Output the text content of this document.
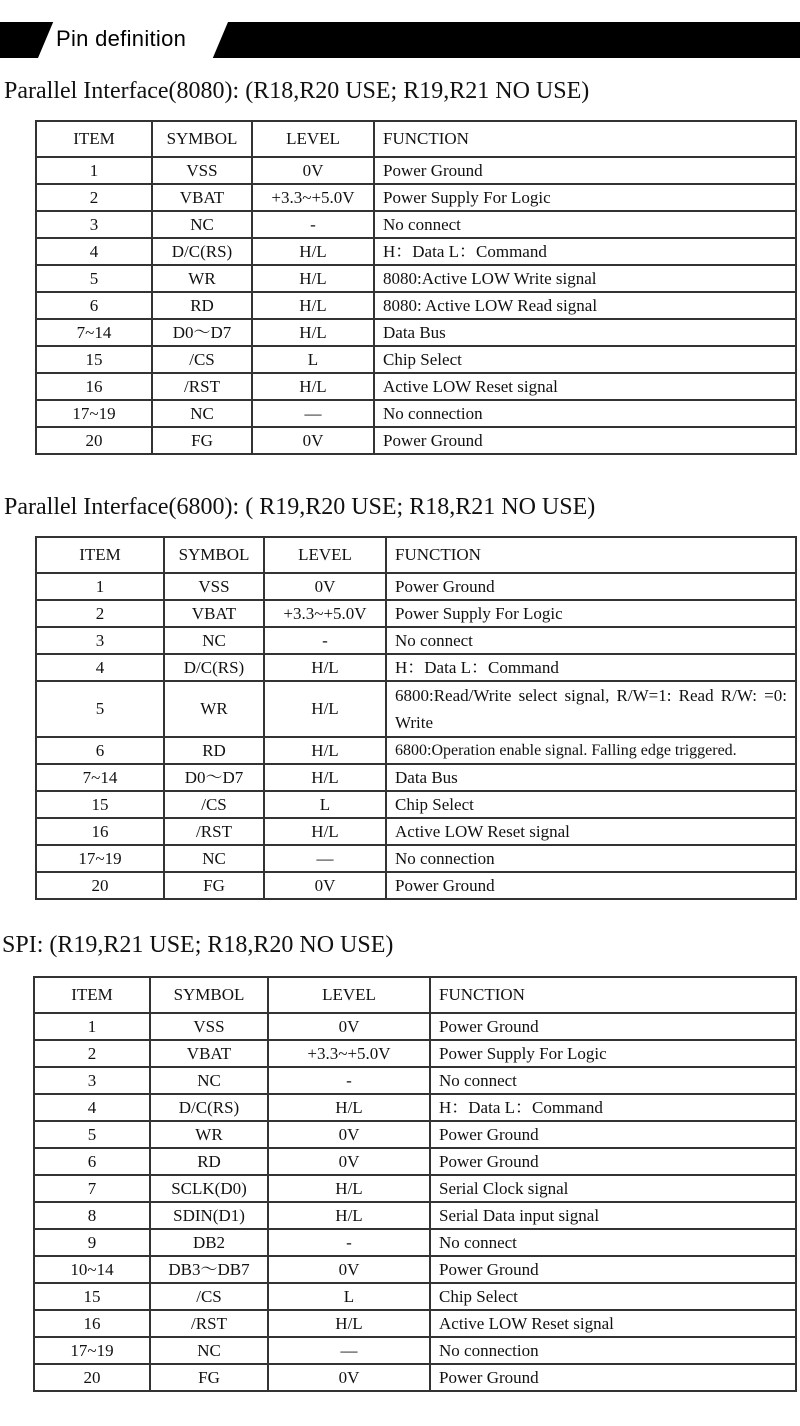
Pin definition
Parallel Interface(8080): (R18,R20 USE; R19,R21 NO USE)
ITEM	SYMBOL	LEVEL	FUNCTION
1	VSS	0V	Power Ground
2	VBAT	+3.3~+5.0V	Power Supply For Logic
3	NC	-	No connect
4	D/C(RS)	H/L	H：Data L：Command
5	WR	H/L	8080:Active LOW Write signal
6	RD	H/L	8080: Active LOW Read signal
7~14	D0～D7	H/L	Data Bus
15	/CS	L	Chip Select
16	/RST	H/L	Active LOW Reset signal
17~19	NC	—	No connection
20	FG	0V	Power Ground
Parallel Interface(6800): ( R19,R20 USE; R18,R21 NO USE)
ITEM	SYMBOL	LEVEL	FUNCTION
1	VSS	0V	Power Ground
2	VBAT	+3.3~+5.0V	Power Supply For Logic
3	NC	-	No connect
4	D/C(RS)	H/L	H：Data L：Command
5	WR	H/L	6800:Read/Write select signal, R/W=1: Read R/W: =0: Write
6	RD	H/L	6800:Operation enable signal. Falling edge triggered.
7~14	D0～D7	H/L	Data Bus
15	/CS	L	Chip Select
16	/RST	H/L	Active LOW Reset signal
17~19	NC	—	No connection
20	FG	0V	Power Ground
SPI: (R19,R21 USE; R18,R20 NO USE)
ITEM	SYMBOL	LEVEL	FUNCTION
1	VSS	0V	Power Ground
2	VBAT	+3.3~+5.0V	Power Supply For Logic
3	NC	-	No connect
4	D/C(RS)	H/L	H：Data L：Command
5	WR	0V	Power Ground
6	RD	0V	Power Ground
7	SCLK(D0)	H/L	Serial Clock signal
8	SDIN(D1)	H/L	Serial Data input signal
9	DB2	-	No connect
10~14	DB3～DB7	0V	Power Ground
15	/CS	L	Chip Select
16	/RST	H/L	Active LOW Reset signal
17~19	NC	—	No connection
20	FG	0V	Power Ground
